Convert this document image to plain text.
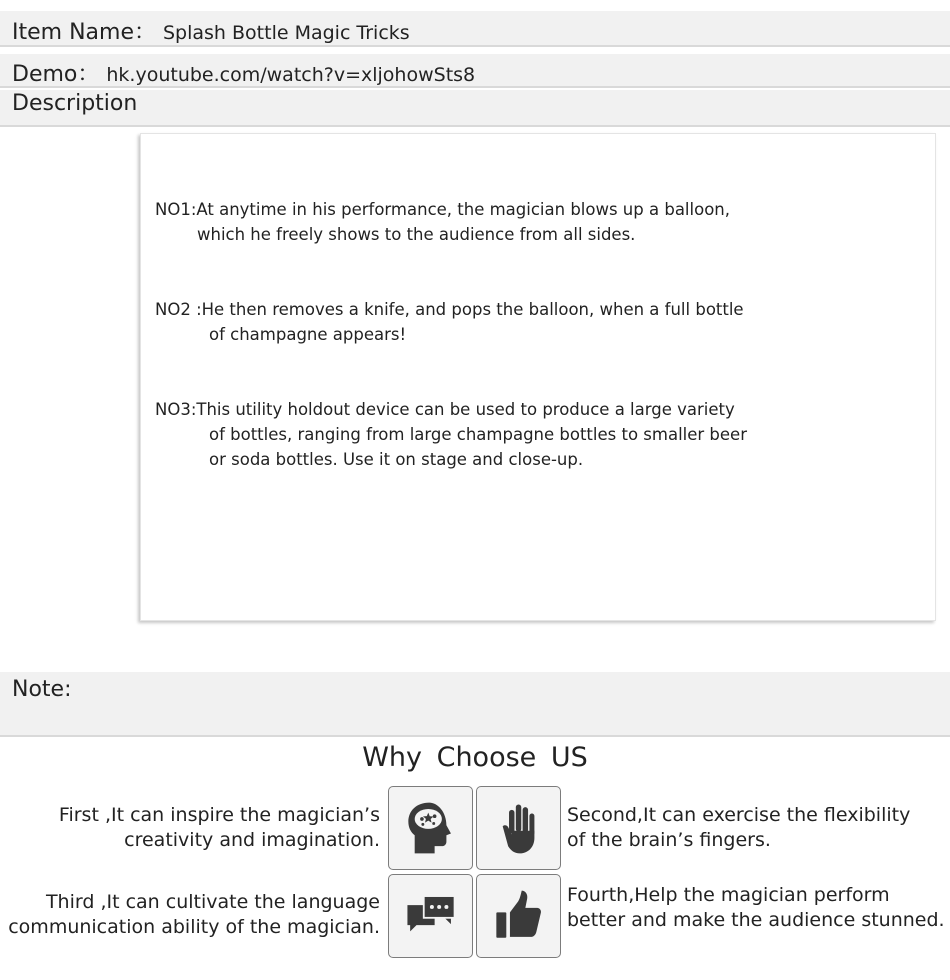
Item Name： Splash Bottle Magic Tricks
Demo： hk.youtube.com/watch?v=xljohowSts8
Description
NO1:At anytime in his performance, the magician blows up a balloon,
which he freely shows to the audience from all sides.
NO2 :He then removes a knife, and pops the balloon, when a full bottle
of champagne appears!
NO3:This utility holdout device can be used to produce a large variety
of bottles, ranging from large champagne bottles to smaller beer
or soda bottles. Use it on stage and close-up.
Note:
Why Choose US
First ,It can inspire the magician’s
creativity and imagination.
Second,It can exercise the flexibility
of the brain’s fingers.
Third ,It can cultivate the language
communication ability of the magician.
Fourth,Help the magician perform
better and make the audience stunned.
